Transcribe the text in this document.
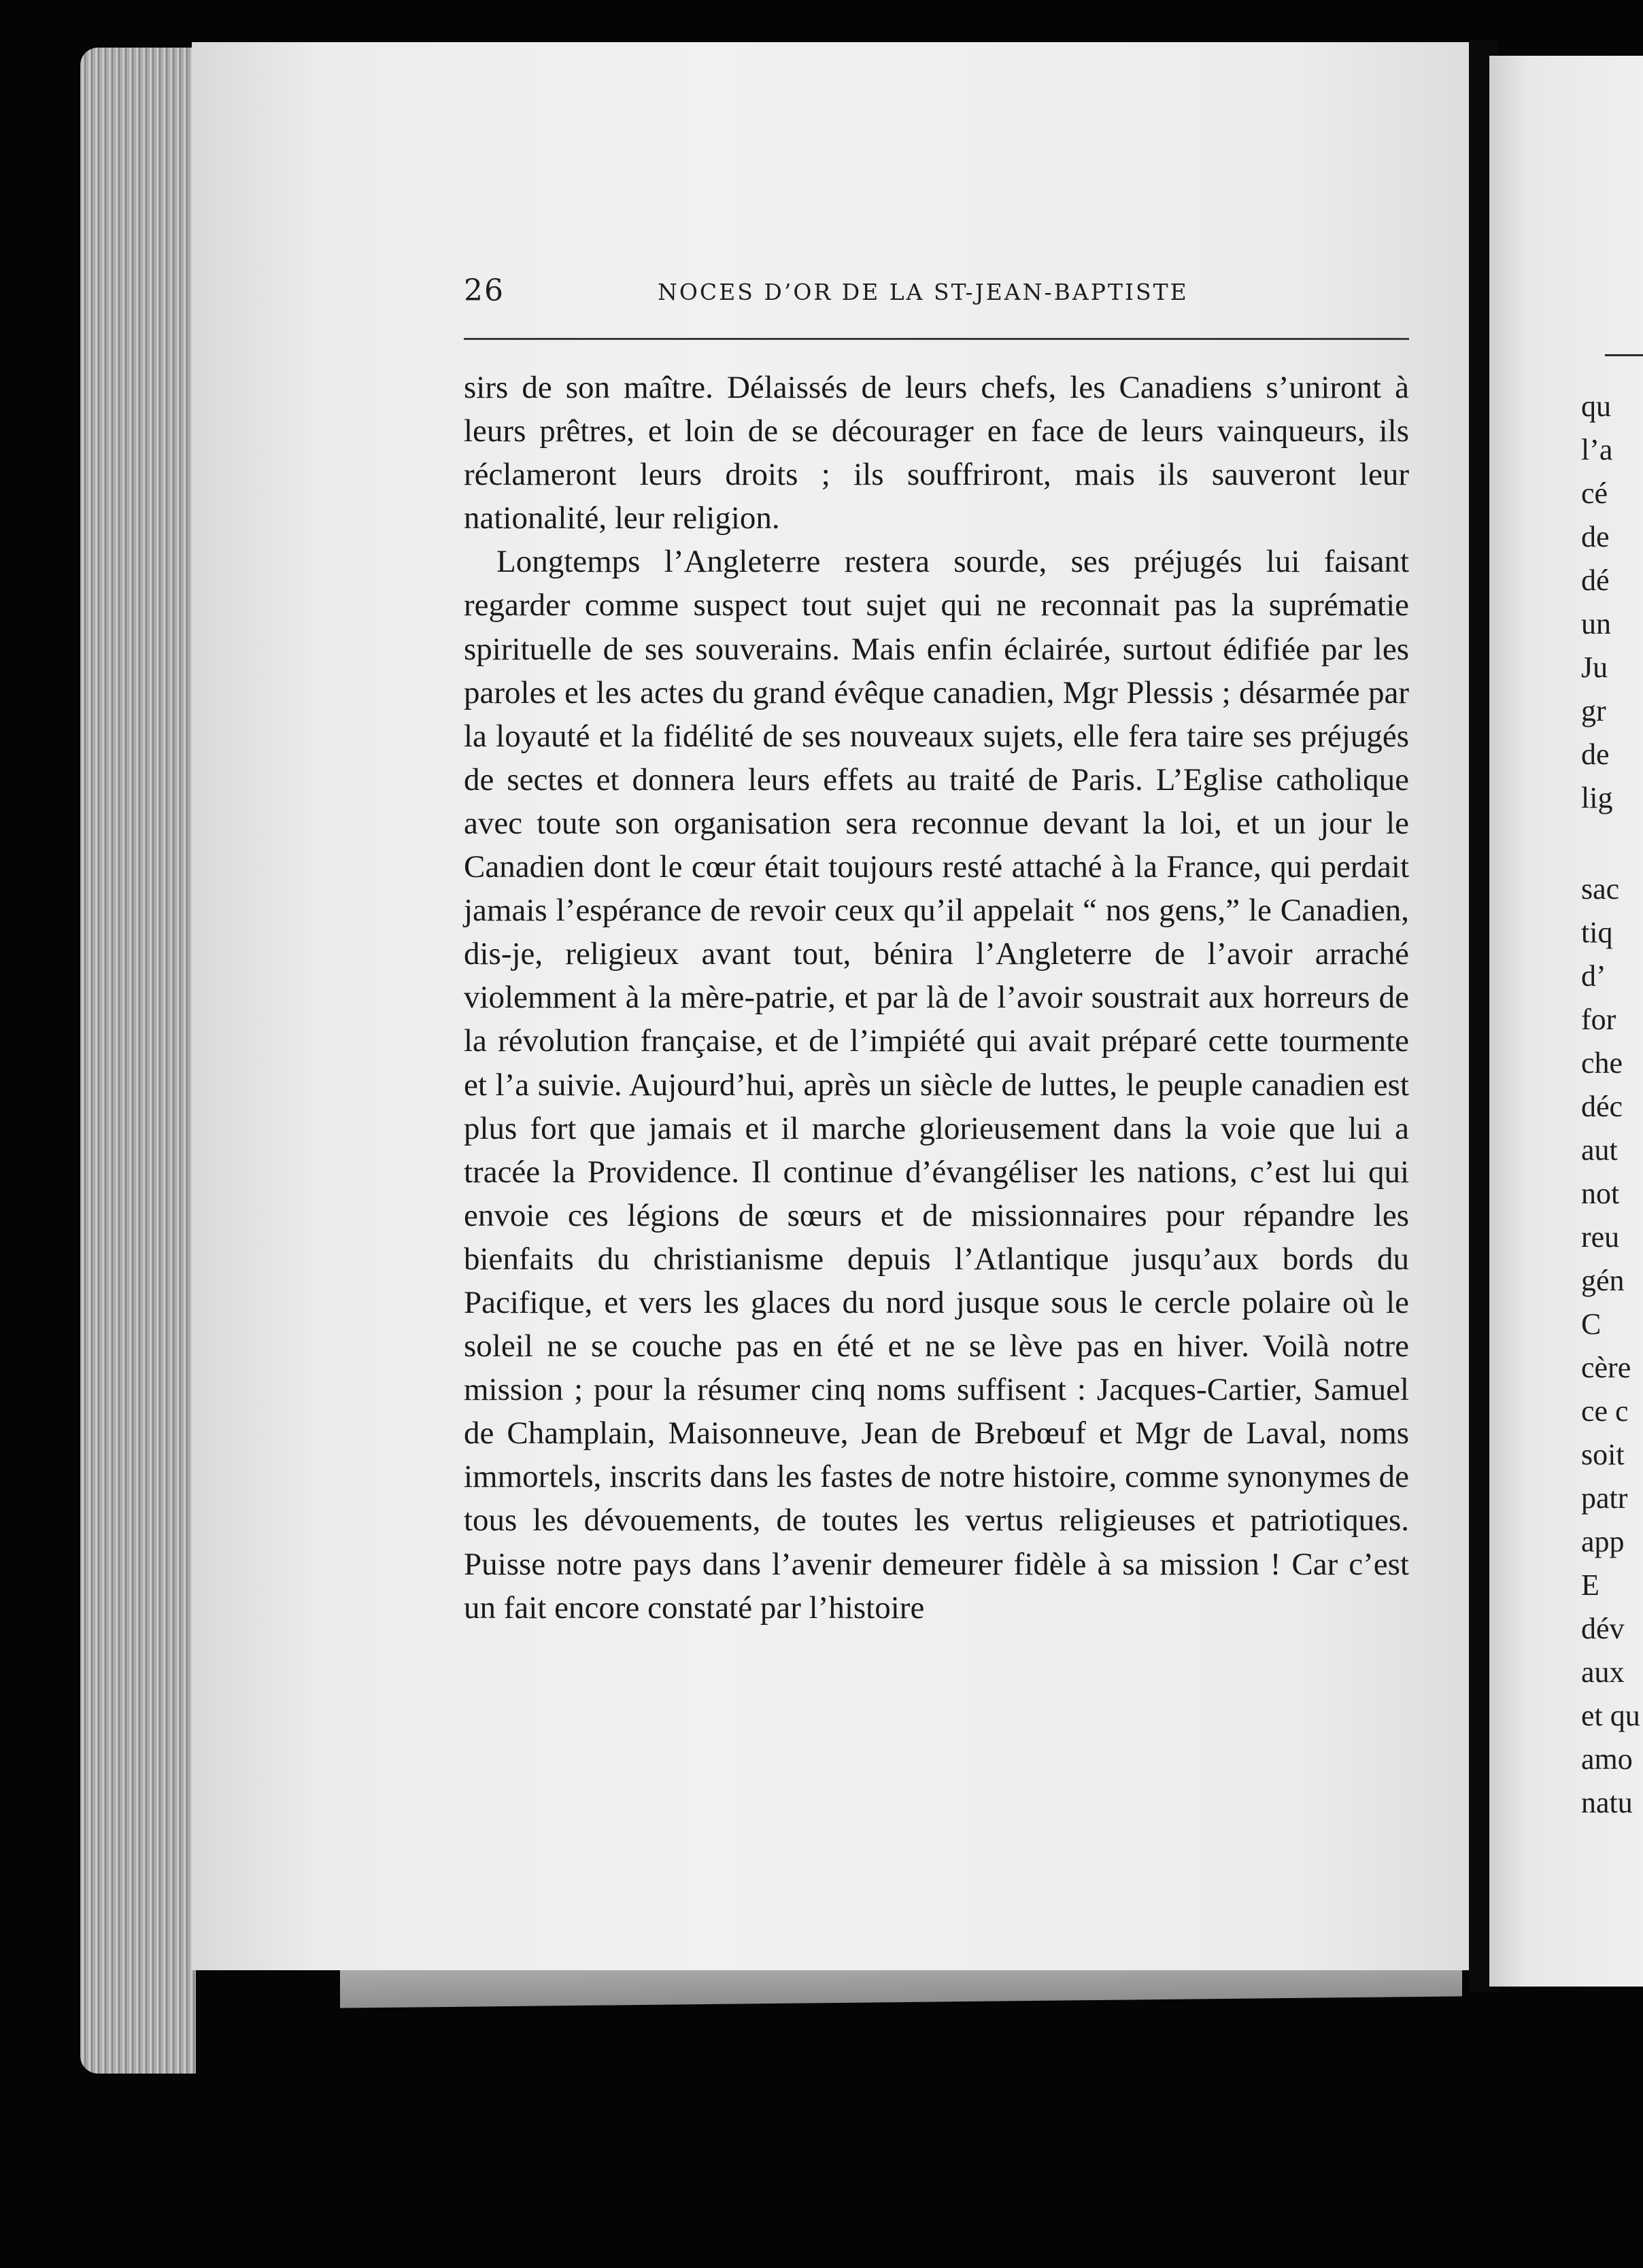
26	NOCES D’OR DE LA ST-JEAN-BAPTISTE

sirs de son maître. Délaissés de leurs chefs, les Canadiens s’uniront à leurs prêtres, et loin de se décourager en face de leurs vainqueurs, ils réclameront leurs droits ; ils souffriront, mais ils sauveront leur nationalité, leur religion.

Longtemps l’Angleterre restera sourde, ses préjugés lui faisant regarder comme suspect tout sujet qui ne reconnait pas la suprématie spirituelle de ses souverains. Mais enfin éclairée, surtout édifiée par les paroles et les actes du grand évêque canadien, Mgr Plessis ; désarmée par la loyauté et la fidélité de ses nouveaux sujets, elle fera taire ses préjugés de sectes et donnera leurs effets au traité de Paris. L’Eglise catholique avec toute son organisation sera reconnue devant la loi, et un jour le Canadien dont le cœur était toujours resté attaché à la France, qui perdait jamais l’espérance de revoir ceux qu’il appelait “ nos gens,” le Canadien, dis-je, religieux avant tout, bénira l’Angleterre de l’avoir arraché violemment à la mère-patrie, et par là de l’avoir soustrait aux horreurs de la révolution française, et de l’impiété qui avait préparé cette tourmente et l’a suivie. Aujourd’hui, après un siècle de luttes, le peuple canadien est plus fort que jamais et il marche glorieusement dans la voie que lui a tracée la Providence. Il continue d’évangéliser les nations, c’est lui qui envoie ces légions de sœurs et de missionnaires pour répandre les bienfaits du christianisme depuis l’Atlantique jusqu’aux bords du Pacifique, et vers les glaces du nord jusque sous le cercle polaire où le soleil ne se couche pas en été et ne se lève pas en hiver. Voilà notre mission ; pour la résumer cinq noms suffisent : Jacques-Cartier, Samuel de Champlain, Maisonneuve, Jean de Brebœuf et Mgr de Laval, noms immortels, inscrits dans les fastes de notre histoire, comme synonymes de tous les dévouements, de toutes les vertus religieuses et patriotiques. Puisse notre pays dans l’avenir demeurer fidèle à sa mission ! Car c’est un fait encore constaté par l’histoire

qu
l’a
cé
de
dé
un
Ju
gr
de
lig
sac
tiq
d’
for
che
déc
aut
not
reu
gén
C
cère
ce c
soit
patr
app
E
dév
aux
et qu
amo
natu
